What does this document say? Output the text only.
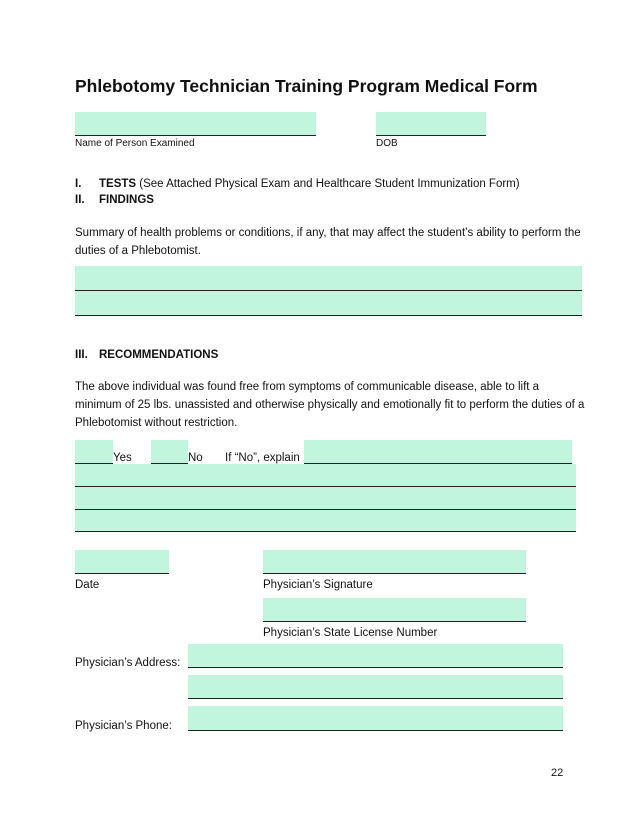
Phlebotomy Technician Training Program Medical Form
Name of Person Examined	DOB
I. TESTS (See Attached Physical Exam and Healthcare Student Immunization Form)
II. FINDINGS
Summary of health problems or conditions, if any, that may affect the student’s ability to perform the duties of a Phlebotomist.
III. RECOMMENDATIONS
The above individual was found free from symptoms of communicable disease, able to lift a minimum of 25 lbs. unassisted and otherwise physically and emotionally fit to perform the duties of a Phlebotomist without restriction.
Yes	No If “No”, explain
Date	Physician’s Signature
Physician’s State License Number
Physician’s Address:
Physician’s Phone:
22
